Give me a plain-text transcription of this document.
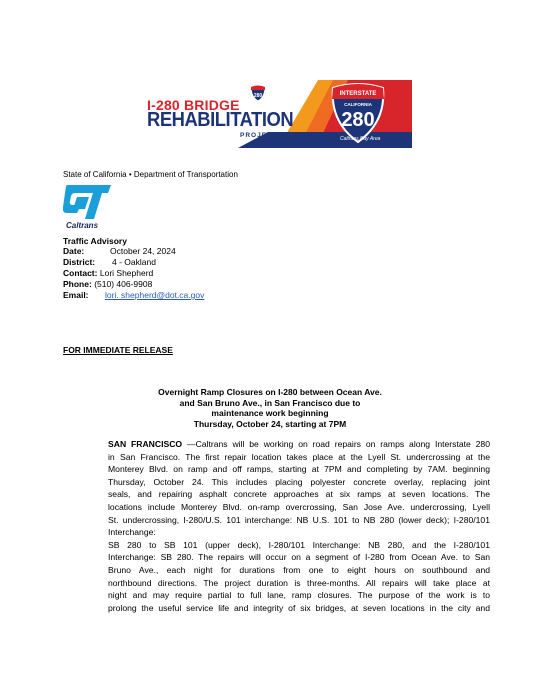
I-280 BRIDGE
280
REHABILITATION
PROJECT
INTERSTATE
CALIFORNIA
280
Caltrans Bay Area
State of California • Department of Transportation
Caltrans
Traffic Advisory
Date:	October 24, 2024
District: 4 - Oakland
Contact: Lori Shepherd
Phone: (510) 406-9908
Email: lori. shepherd@dot.ca.gov
FOR IMMEDIATE RELEASE
Overnight Ramp Closures on I-280 between Ocean Ave.
and San Bruno Ave., in San Francisco due to
maintenance work beginning
Thursday, October 24, starting at 7PM
SAN FRANCISCO —Caltrans will be working on road repairs on ramps along Interstate 280
in San Francisco. The first repair location takes place at the Lyell St. undercrossing at the
Monterey Blvd. on ramp and off ramps, starting at 7PM and completing by 7AM. beginning
Thursday, October 24. This includes placing polyester concrete overlay, replacing joint
seals, and repairing asphalt concrete approaches at six ramps at seven locations. The
locations include Monterey Blvd. on-ramp overcrossing, San Jose Ave. undercrossing, Lyell
St. undercrossing, I-280/U.S. 101 interchange: NB U.S. 101 to NB 280 (lower deck); I-280/101
Interchange:
SB 280 to SB 101 (upper deck), I-280/101 Interchange: NB 280, and the I-280/101
Interchange: SB 280. The repairs will occur on a segment of I-280 from Ocean Ave. to San
Bruno Ave., each night for durations from one to eight hours on southbound and
northbound directions. The project duration is three-months. All repairs will take place at
night and may require partial to full lane, ramp closures. The purpose of the work is to
prolong the useful service life and integrity of six bridges, at seven locations in the city and
